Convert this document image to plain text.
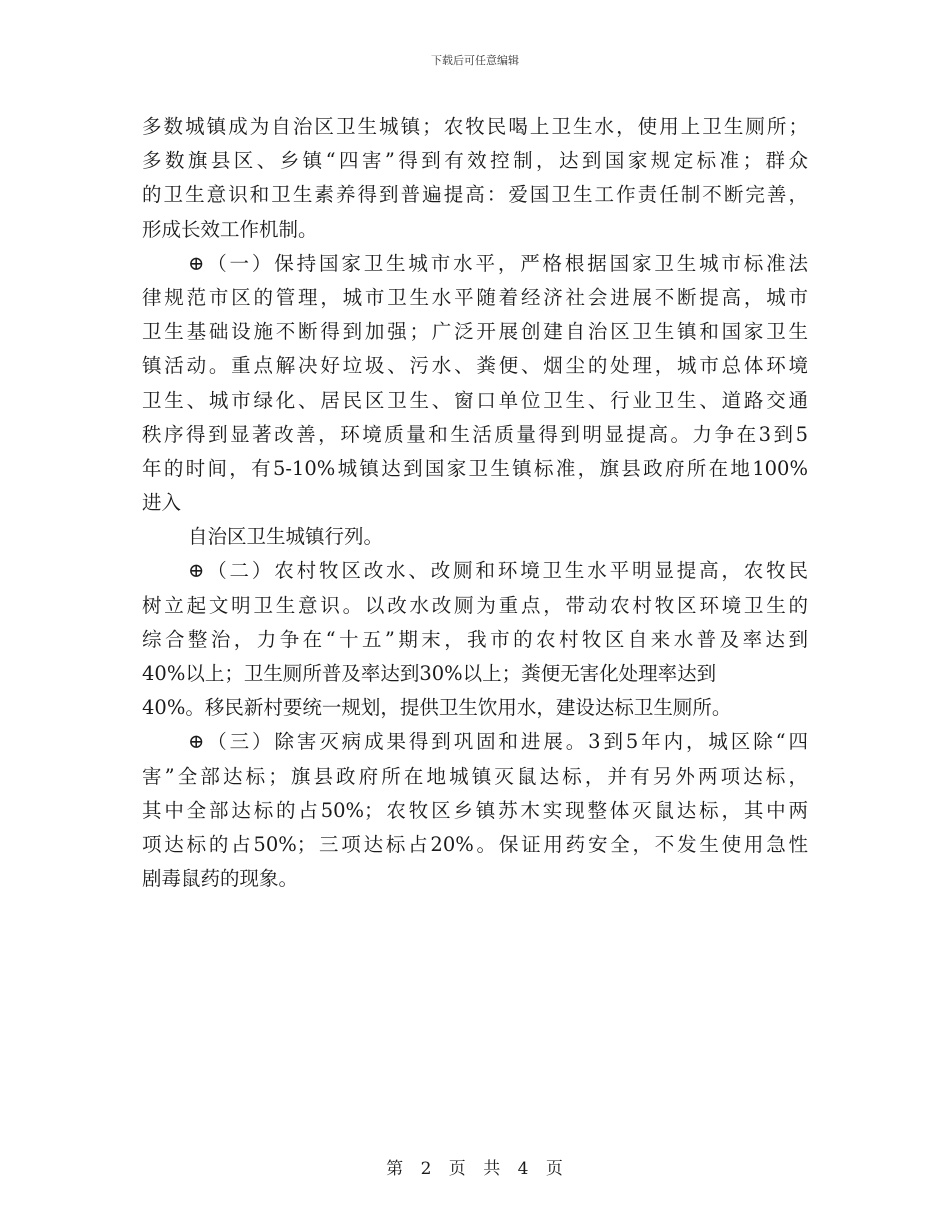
下载后可任意编辑
多数城镇成为自治区卫生城镇；农牧民喝上卫生水，使用上卫生厕所；
多数旗县区、乡镇“四害”得到有效控制，达到国家规定标准；群众
的卫生意识和卫生素养得到普遍提高：爱国卫生工作责任制不断完善，
形成长效工作机制。
⊕（一）保持国家卫生城市水平，严格根据国家卫生城市标准法
律规范市区的管理，城市卫生水平随着经济社会进展不断提高，城市
卫生基础设施不断得到加强；广泛开展创建自治区卫生镇和国家卫生
镇活动。重点解决好垃圾、污水、粪便、烟尘的处理，城市总体环境
卫生、城市绿化、居民区卫生、窗口单位卫生、行业卫生、道路交通
秩序得到显著改善，环境质量和生活质量得到明显提高。力争在3到5
年的时间，有5-10%城镇达到国家卫生镇标准，旗县政府所在地100%
进入
自治区卫生城镇行列。
⊕（二）农村牧区改水、改厕和环境卫生水平明显提高，农牧民
树立起文明卫生意识。以改水改厕为重点，带动农村牧区环境卫生的
综合整治，力争在“十五”期末，我市的农村牧区自来水普及率达到
40%以上；卫生厕所普及率达到30%以上；粪便无害化处理率达到
40%。移民新村要统一规划，提供卫生饮用水，建设达标卫生厕所。
⊕（三）除害灭病成果得到巩固和进展。3到5年内，城区除“四
害”全部达标；旗县政府所在地城镇灭鼠达标，并有另外两项达标，
其中全部达标的占50%；农牧区乡镇苏木实现整体灭鼠达标，其中两
项达标的占50%；三项达标占20%。保证用药安全，不发生使用急性
剧毒鼠药的现象。
第 2 页 共 4 页
